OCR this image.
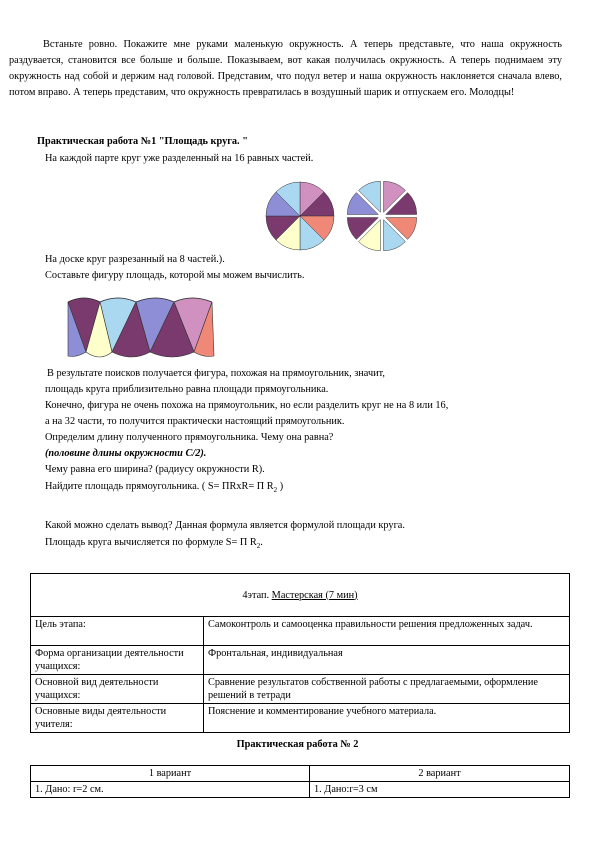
Встаньте ровно. Покажите мне руками маленькую окружность. А теперь представьте, что наша окружность раздувается, становится все больше и больше. Показываем, вот какая получилась окружность. А теперь поднимаем эту окружность над собой и держим над головой. Представим, что подул ветер и наша окружность наклоняется сначала влево, потом вправо. А теперь представим, что окружность превратилась в воздушный шарик и отпускаем его. Молодцы!
Практическая работа №1 "Площадь круга. "
На каждой парте круг уже разделенный на 16 равных частей.
На доске круг разрезанный на 8 частей.).
Составьте фигуру площадь, которой мы можем вычислить.
В результате поисков получается фигура, похожая на прямоугольник, значит,
площадь круга приблизительно равна площади прямоугольника.
Конечно, фигура не очень похожа на прямоугольник, но если разделить круг не на 8 или 16,
а на 32 части, то получится практически настоящий прямоугольник.
Определим длину полученного прямоугольника. Чему она равна?
(половине длины окружности C/2).
Чему равна его ширина? (радиусу окружности R).
Найдите площадь прямоугольника. ( S= ПRхR= П $R_2$ )
Какой можно сделать вывод? Данная формула является формулой площади круга.
Площадь круга вычисляется по формуле S= П $R_2$.
4этап. Мастерская (7 мин)	
Цель этапа:	Самоконтроль и самооценка правильности решения предложенных задач.
Форма организации деятельности учащихся:	Фронтальная, индивидуальная
Основной вид деятельности учащихся:	Сравнение результатов собственной работы с предлагаемыми, оформление решений в тетради
Основные виды деятельности учителя:	Пояснение и комментирование учебного материала.
Практическая работа № 2
1 вариант	2 вариант
1. Дано: r=2 см.	1. Дано:r=3 см
